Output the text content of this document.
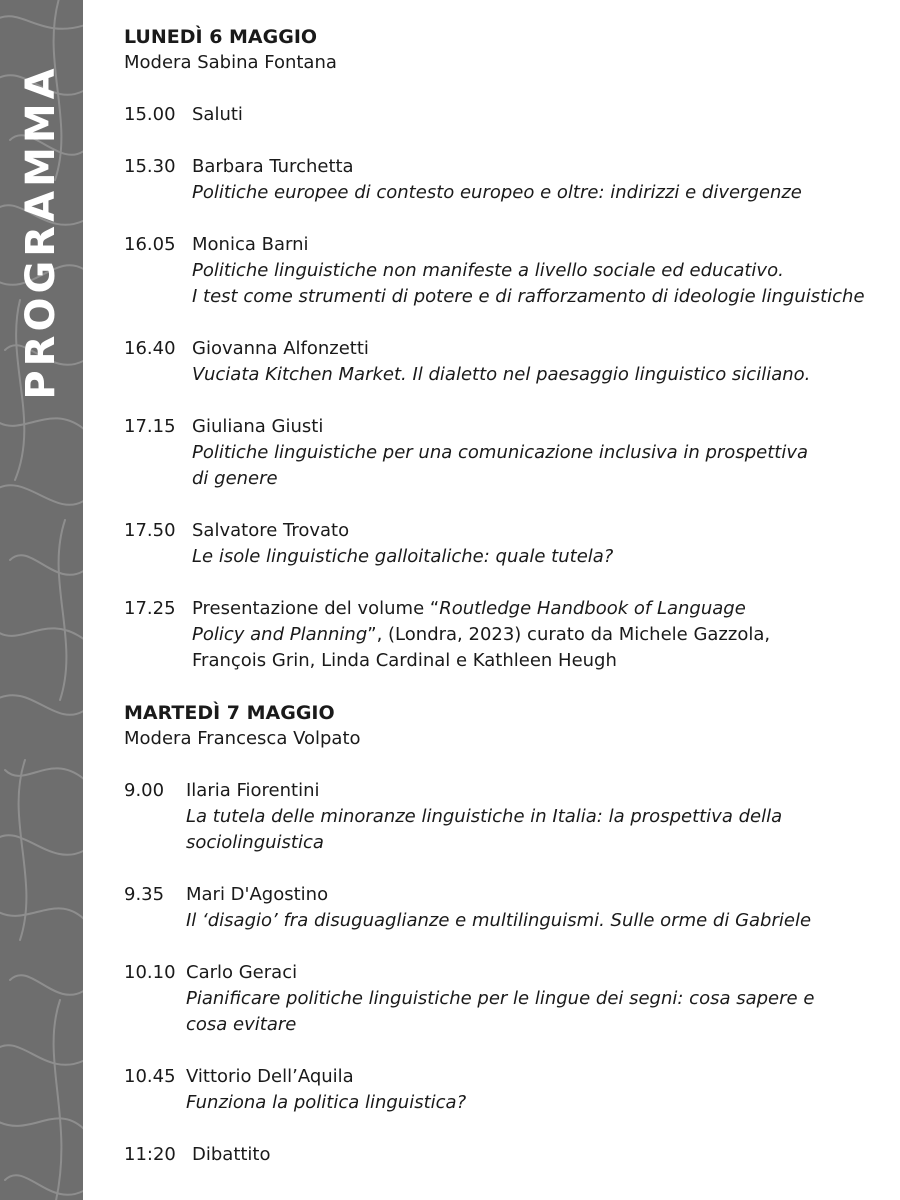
PROGRAMMA
LUNEDÌ 6 MAGGIO
Modera Sabina Fontana
15.00 Saluti
15.30 Barbara Turchetta
Politiche europee di contesto europeo e oltre: indirizzi e divergenze
16.05 Monica Barni
Politiche linguistiche non manifeste a livello sociale ed educativo.
I test come strumenti di potere e di rafforzamento di ideologie linguistiche
16.40 Giovanna Alfonzetti
Vuciata Kitchen Market. Il dialetto nel paesaggio linguistico siciliano.
17.15 Giuliana Giusti
Politiche linguistiche per una comunicazione inclusiva in prospettiva
di genere
17.50 Salvatore Trovato
Le isole linguistiche galloitaliche: quale tutela?
17.25 Presentazione del volume “Routledge Handbook of Language
Policy and Planning”, (Londra, 2023) curato da Michele Gazzola,
François Grin, Linda Cardinal e Kathleen Heugh
MARTEDÌ 7 MAGGIO
Modera Francesca Volpato
9.00 Ilaria Fiorentini
La tutela delle minoranze linguistiche in Italia: la prospettiva della
sociolinguistica
9.35 Mari D'Agostino
Il ‘disagio’ fra disuguaglianze e multilinguismi. Sulle orme di Gabriele
10.10 Carlo Geraci
Pianificare politiche linguistiche per le lingue dei segni: cosa sapere e
cosa evitare
10.45 Vittorio Dell’Aquila
Funziona la politica linguistica?
11:20 Dibattito
